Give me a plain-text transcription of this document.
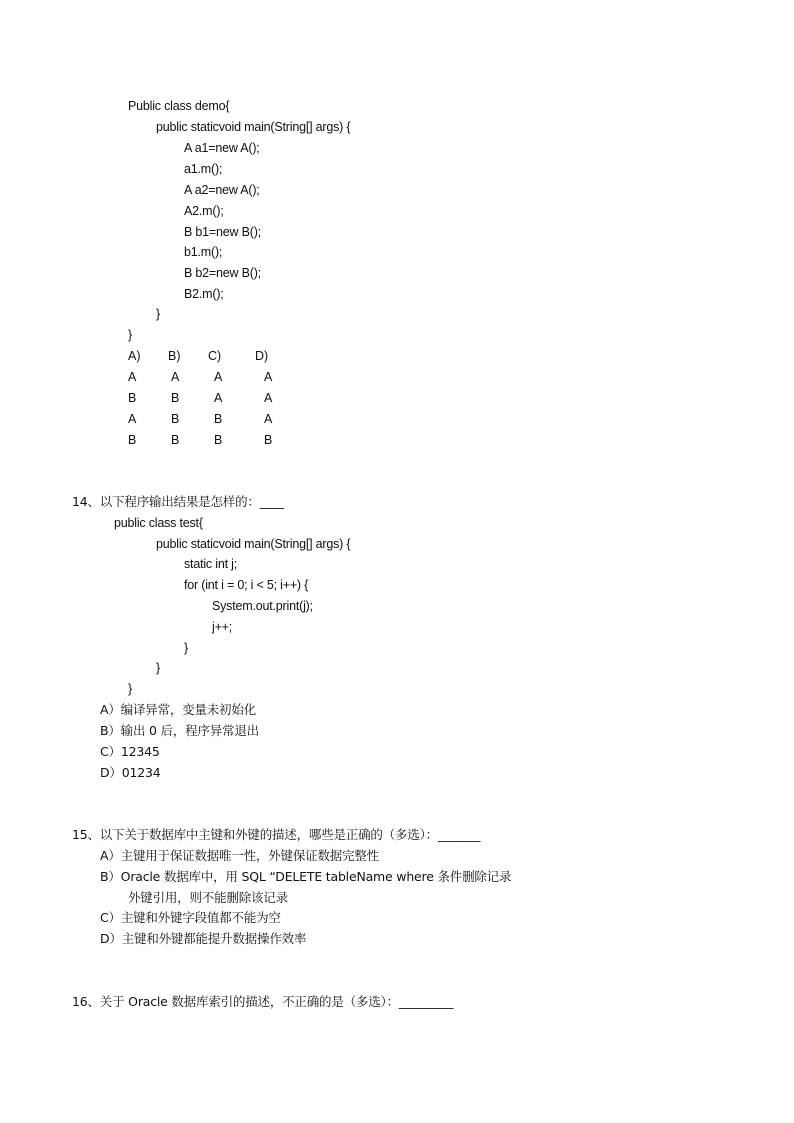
Public class demo{
public staticvoid main(String[] args) {
A a1=new A();
a1.m();
A a2=new A();
A2.m();
B b1=new B();
b1.m();
B b2=new B();
B2.m();
}
}
A) B) C)	D)
A	A	A	A
B	B	A	A
A	B	B	A
B	B	B	B
14、以下程序输出结果是怎样的：____
public class test{
public staticvoid main(String[] args) {
static int j;
for (int i = 0; i < 5; i++) {
System.out.print(j);
j++;
}
}
}
A）编译异常，变量未初始化
B）输出 0 后，程序异常退出
C）12345
D）01234
15、以下关于数据库中主键和外键的描述，哪些是正确的（多选）：_______
A）主键用于保证数据唯一性，外键保证数据完整性
B）Oracle 数据库中，用 SQL “DELETE tableName where 条件删除记录
外键引用，则不能删除该记录
C）主键和外键字段值都不能为空
D）主键和外键都能提升数据操作效率
16、关于 Oracle 数据库索引的描述，不正确的是（多选）：_________
